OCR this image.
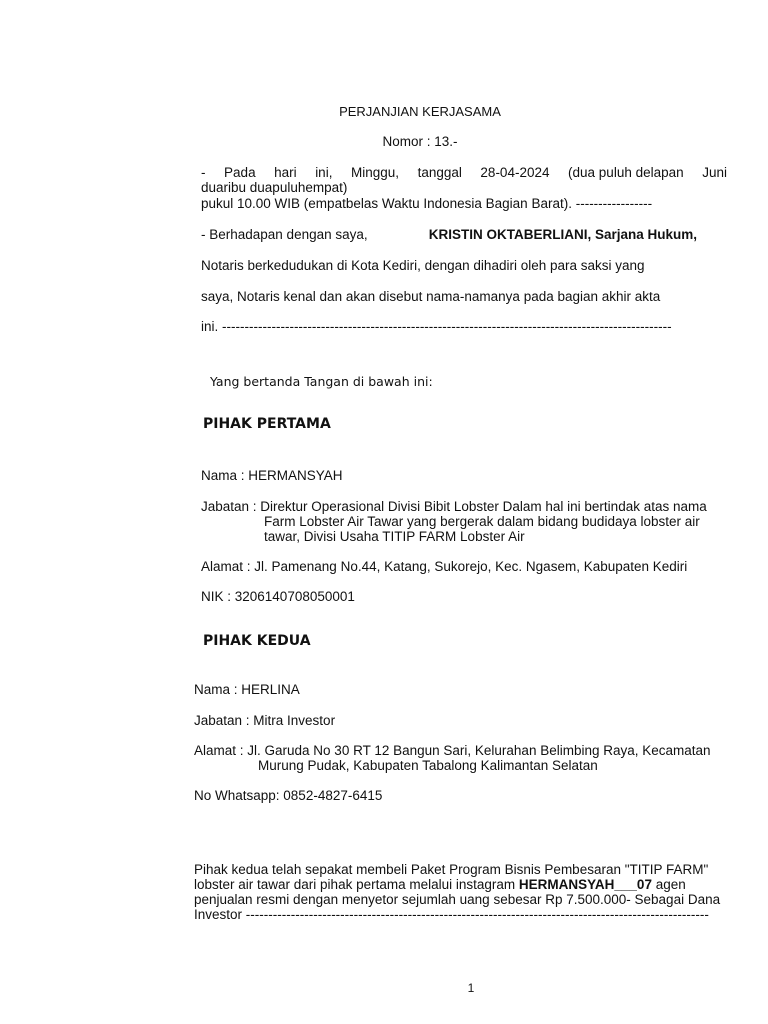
PERJANJIAN KERJASAMA
Nomor : 13.-
- Pada hari ini, Minggu, tanggal 28-04-2024 (dua puluh delapan Juni
duaribu duapuluhempat)
pukul 10.00 WIB (empatbelas Waktu Indonesia Bagian Barat). -----------------
- Berhadapan dengan saya,	KRISTIN OKTABERLIANI, Sarjana Hukum,
Notaris berkedudukan di Kota Kediri, dengan dihadiri oleh para saksi yang
saya, Notaris kenal dan akan disebut nama-namanya pada bagian akhir akta
ini. ----------------------------------------------------------------------------------------------------
Yang bertanda Tangan di bawah ini:
PIHAK PERTAMA
Nama : HERMANSYAH
Jabatan : Direktur Operasional Divisi Bibit Lobster Dalam hal ini bertindak atas nama
Farm Lobster Air Tawar yang bergerak dalam bidang budidaya lobster air
tawar, Divisi Usaha TITIP FARM Lobster Air
Alamat : Jl. Pamenang No.44, Katang, Sukorejo, Kec. Ngasem, Kabupaten Kediri
NIK : 3206140708050001
PIHAK KEDUA
Nama : HERLINA
Jabatan : Mitra Investor
Alamat : Jl. Garuda No 30 RT 12 Bangun Sari, Kelurahan Belimbing Raya, Kecamatan
Murung Pudak, Kabupaten Tabalong Kalimantan Selatan
No Whatsapp: 0852-4827-6415
Pihak kedua telah sepakat membeli Paket Program Bisnis Pembesaran "TITIP FARM"
lobster air tawar dari pihak pertama melalui instagram HERMANSYAH___07 agen
penjualan resmi dengan menyetor sejumlah uang sebesar Rp 7.500.000- Sebagai Dana
Investor -------------------------------------------------------------------------------------------------------
1
